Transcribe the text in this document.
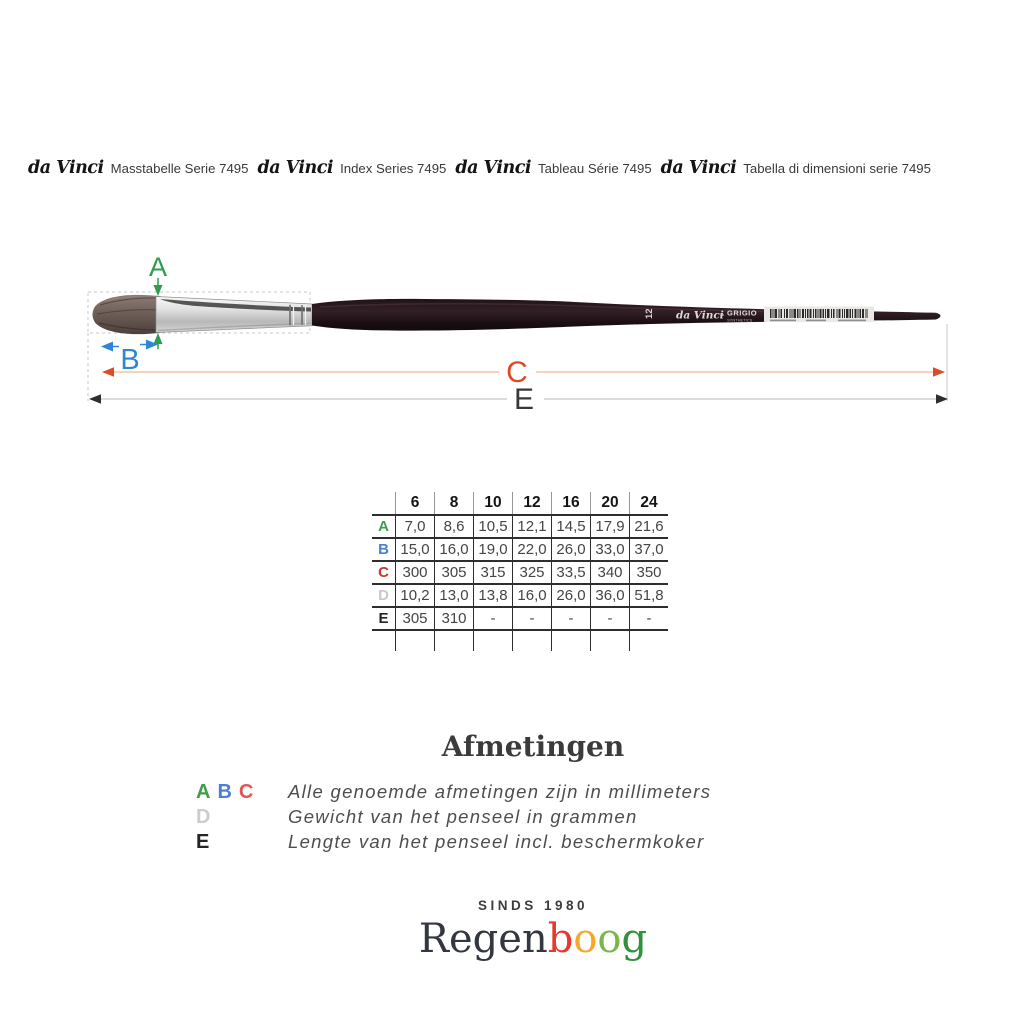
da Vinci Masstabelle Serie 7495 da Vinci Index Series 7495 da Vinci Tableau Série 7495 da Vinci Tabella di dimensioni serie 7495
12 da Vinci GRIGIO
SYNTHETICS
A
B	C
E
	6	8	10	12	16	20	24
A	7,0	8,6	10,5	12,1	14,5	17,9	21,6
B	15,0	16,0	19,0	22,0	26,0	33,0	37,0
C	300	305	315	325	33,5	340	350
D	10,2	13,0	13,8	16,0	26,0	36,0	51,8
E	305	310	-	-	-	-	-

Afmetingen
A B C Alle genoemde afmetingen zijn in millimeters
D	Gewicht van het penseel in grammen
E	Lengte van het penseel incl. beschermkoker
SINDS 1980
Regenboog
